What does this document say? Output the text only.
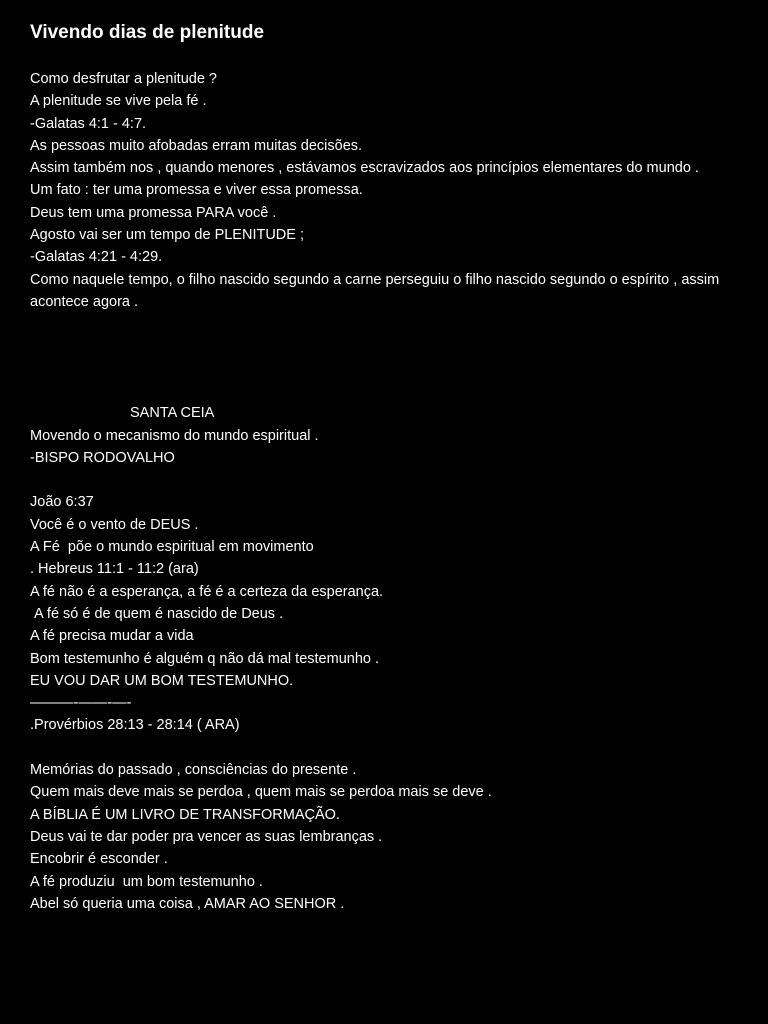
Vivendo dias de plenitude
Como desfrutar a plenitude ?
A plenitude se vive pela fé .
-Galatas 4:1 - 4:7.
As pessoas muito afobadas erram muitas decisões.
Assim também nos , quando menores , estávamos escravizados aos princípios elementares do mundo .
Um fato : ter uma promessa e viver essa promessa.
Deus tem uma promessa PARA você .
Agosto vai ser um tempo de PLENITUDE ;
-Galatas 4:21 - 4:29.
Como naquele tempo, o filho nascido segundo a carne perseguiu o filho nascido segundo o espírito , assim acontece agora .
SANTA CEIA
Movendo o mecanismo do mundo espiritual .
-BISPO RODOVALHO
João 6:37
Você é o vento de DEUS .
A Fé  põe o mundo espiritual em movimento
. Hebreus 11:1 - 11:2 (ara)
A fé não é a esperança, a fé é a certeza da esperança.
A fé só é de quem é nascido de Deus .
A fé precisa mudar a vida
Bom testemunho é alguém q não dá mal testemunho .
EU VOU DAR UM BOM TESTEMUNHO.
———-——-—-
.Provérbios 28:13 - 28:14 ( ARA)
Memórias do passado , consciências do presente .
Quem mais deve mais se perdoa , quem mais se perdoa mais se deve .
A BÍBLIA É UM LIVRO DE TRANSFORMAÇÃO.
Deus vai te dar poder pra vencer as suas lembranças .
Encobrir é esconder .
A fé produziu  um bom testemunho .
Abel só queria uma coisa , AMAR AO SENHOR .
